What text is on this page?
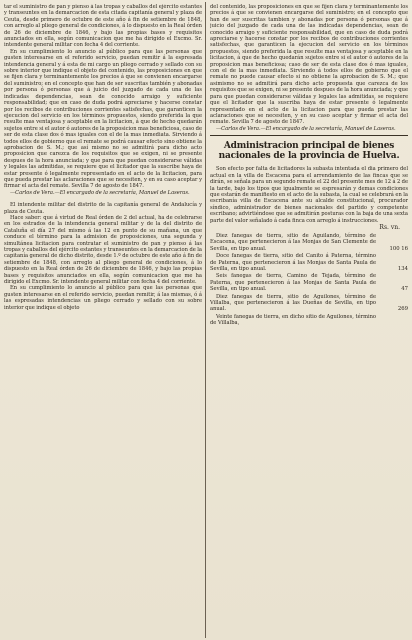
tar el suministro de pan y pienso á las tropas y caballos del ejército estantes y transeuntes en la demarcacion de esta citada capitanía general y plaza de Ceuta, desde primero de octubre de este año á fin de setiembre de 1848, con arreglo al pliego general de condiciones, á lo dispuesto en la Real órden de 26 de diciembre de 1846, y bajo las propias bases y requisitos anunciados en ella, según comunicacion que me ha dirigido el Excmo. Sr. intendente general militar con fecha 4 del corriente.

En su cumplimiento lo anuncio al público para que las personas que gusten interesarse en el referido servicio, puedan remitir á la espresada intendencia general y á esta de mi cargo un pliego cerrado y sellado con su sobre interior que indique el objeto del contenido, las proposiciones en que se fijen clara y terminantemente los precios á que se convienen encargarse del suministro; en el concepto que han de ser suscritas también y abonadas por persona ó personas que á juicio del juzgado de cada una de las indicadas dependencias, sean de conocido arraigo y suficiente responsabilidad; que en caso de duda podrá apreciarse y hacerse constar por los recibos de contribuciones corrientes satisfechas, que garanticen la ejecucion del servicio en los términos propuestos, siendo preferida la que resulte mas ventajosa y aceptable en la licitacion, á que de hecho quedarán sujetos entre si el autor ó autores de la proposicion mas beneficiosa, caso de ser de esta clase dos ó mas iguales con el de la mas inmediata. Sirviendo á todos ellos de gobierno que el remate se podrá causar efecto sino obtiene la aprobacion de S. M.; que así mismo no se admitirá para dicho acto proposicion que carezca de los requisitos que se exigen, ni se presente despues de la hora anunciada; y que para que puedan considerarse válidas y legales las admitidas, se requiere que el licitador que la suscribe haya de estar presente ó legalmente representado en el acto de la licitacion, para que pueda prestar las aclaraciones que se necesiten, y en su caso aceptar y firmar el acta del remate. Sevilla 7 de agosto de 1847.

—Carlos de Vera.—El encargado de la secretaría, Manuel de Laseras.

El intendente militar del distrito de la capitanía general de Andalucía y plaza de Ceuta.

Hace saber: que á virtud de Real órden de 2 del actual, ha de celebrarse en los estrados de la intendencia general militar y de la del distrito de Cataluña el día 27 del mismo á las 12 en punto de su mañana, un que conduce el término para la admision de proposiciones, una segunda y simultánea licitacion para contratar el suministro de pan y pienso á las tropas y caballos del ejército estantes y transeuntes en la demarcacion de la capitanía general de dicho distrito, desde 1.º de octubre de este año á fin de setiembre de 1848, con arreglo al pliego general de condiciones, á lo dispuesto en la Real órden de 26 de diciembre de 1846, y bajo las propias bases y requisitos anunciados en ella, según comunicacion que me ha dirigido el Excmo. Sr. intendente general militar con fecha 4 del corriente.

En su cumplimiento lo anuncio al público para que las personas que gusten interesarse en el referido servicio, puedan remitir, á las mismas, ó á las espresadas intendencias un pliego cerrado y sellado con su sobre interior que indique el objeto

del contenido, las proposiciones en que se fijen clara y terminantemente los precios á que se convienen encargarse del suministro; en el concepto que han de ser suscritas tambien y abonadas por persona ó personas que á juicio del juzgado de cada una de las indicadas dependencias, sean de conocido arraigo y suficiente responsabilidad, que en caso de duda podrá apreciarse y hacerse constar por los recibos de contribuciones corrientes satisfechas, que garanticen la ejecucion del servicio en los términos propuestos, siendo preferida la que resulte mas ventajosa y aceptable en la licitacion, á que de hecho quedarán sujetos entre si el autor ó autores de la proposicion mas beneficiosa; caso de ser de esta clase dos ó mas iguales, con el de la mas inmediata. Sirviendo á todos ellos de gobierno que el remate no puede causar efecto si no obtiene la aprobacion de S. M.; que asimismo no se admitirá para dicho acto propuesta que carezca de los requisitos que se exigen, ni se presente despues de la hora anunciada; y que para que puedan considerarse válidas y legales las admitidas, se requiere que el licitador que la suscriba haya de estar presente ó legalmente representado en el acto de la licitacion para que pueda prestar las aclaraciones que se necesiten, y en su caso aceptar y firmar el acta del remate. Sevilla 7 de agosto de 1847.

—Carlos de Vera.—El encargado de la secretaría, Manuel de Laseras.

Administracion principal de bienes nacionales de la provincia de Huelva.

Son efecto por falta de licitadores la subasta intentada el dia primero del actual en la villa de Escacena para el arrendamiento de las fincas que se dirán, se señala para un segundo remate el 22 del presente mes de 12 á 2 de la tarde, bajo los tipos que igualmente se espresarán y demas condiciones que estarán de manifiesto en el acto de la subasta, la cual se celebrará en la escribanía villa de Escacena ante su alcalde constitucional, procurador síndico, administrador de bienes nacionales del partido y competente escribano; advirtiéndose que se admitirán posturas con la baja de una sexta parte del valor señalado á cada finca con arreglo á instrucciones.

Rs. vn.
Diez fanegas de tierra, sitio de Aguilando, término de Escacena, que pertenecieron á las Monjas de San Clemente de Sevilla, en tipo anual.	100 16
Doce fanegas de tierra, sitio del Canito á Paterna, término de Paterna, que pertenecieron á las Monjas de Santa Paula de Sevilla, en tipo anual.	134
Seis fanegas de tierra, Camino de Tejada, término de Paterna, que pertenecieron á las Monjas de Santa Paula de Sevilla, en tipo anual.	47
Diez fanegas de tierra, sitio de Aguilones, término de Villalba, que pertenecieron á las Dueñas de Sevilla, en tipo anual.	269
Veinte fanegas de tierra, en dicho sitio de Aguilones, término de Villalba,
